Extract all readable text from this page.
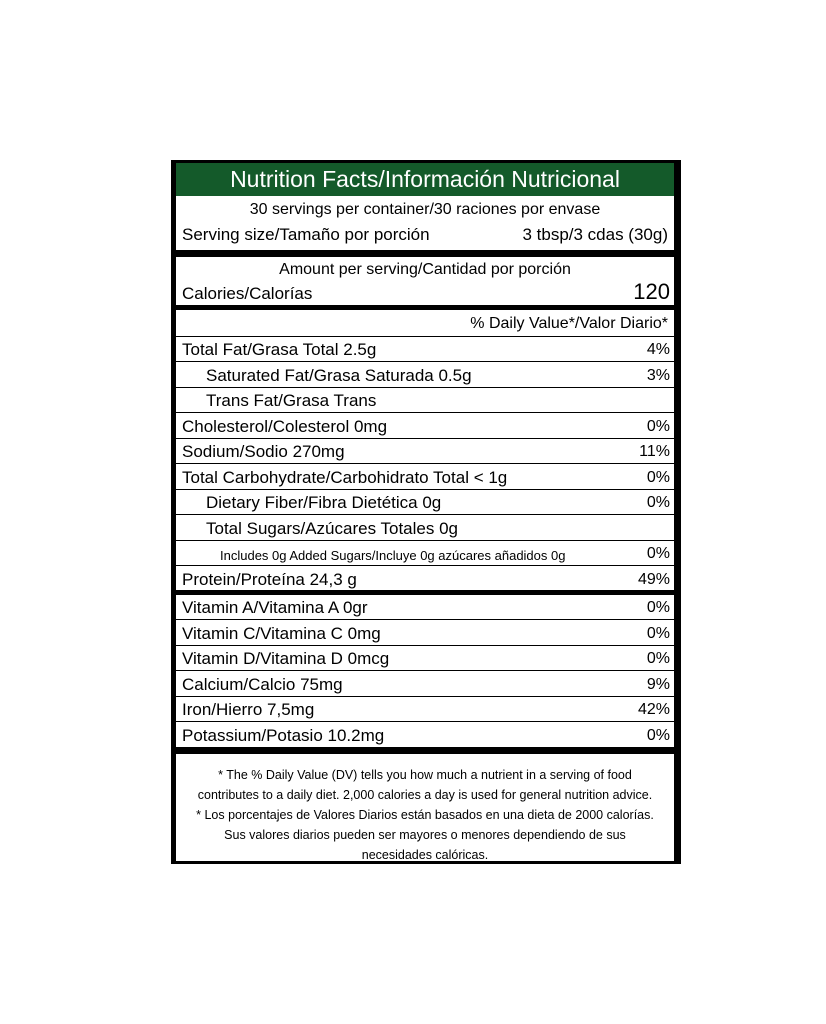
Nutrition Facts/Información Nutricional
30 servings per container/30 raciones por envase
Serving size/Tamaño por porción	3 tbsp/3 cdas (30g)
Amount per serving/Cantidad por porción
Calories/Calorías	120
% Daily Value*/Valor Diario*
Total Fat/Grasa Total 2.5g	4%
Saturated Fat/Grasa Saturada 0.5g	3%
Trans Fat/Grasa Trans
Cholesterol/Colesterol 0mg	0%
Sodium/Sodio 270mg	11%
Total Carbohydrate/Carbohidrato Total < 1g	0%
Dietary Fiber/Fibra Dietética 0g	0%
Total Sugars/Azúcares Totales 0g
Includes 0g Added Sugars/Incluye 0g azúcares añadidos 0g	0%
Protein/Proteína 24,3 g	49%
Vitamin A/Vitamina A 0gr	0%
Vitamin C/Vitamina C 0mg	0%
Vitamin D/Vitamina D 0mcg	0%
Calcium/Calcio 75mg	9%
Iron/Hierro 7,5mg	42%
Potassium/Potasio 10.2mg	0%
* The % Daily Value (DV) tells you how much a nutrient in a serving of food
contributes to a daily diet. 2,000 calories a day is used for general nutrition advice.
* Los porcentajes de Valores Diarios están basados en una dieta de 2000 calorías.
Sus valores diarios pueden ser mayores o menores dependiendo de sus
necesidades calóricas.
